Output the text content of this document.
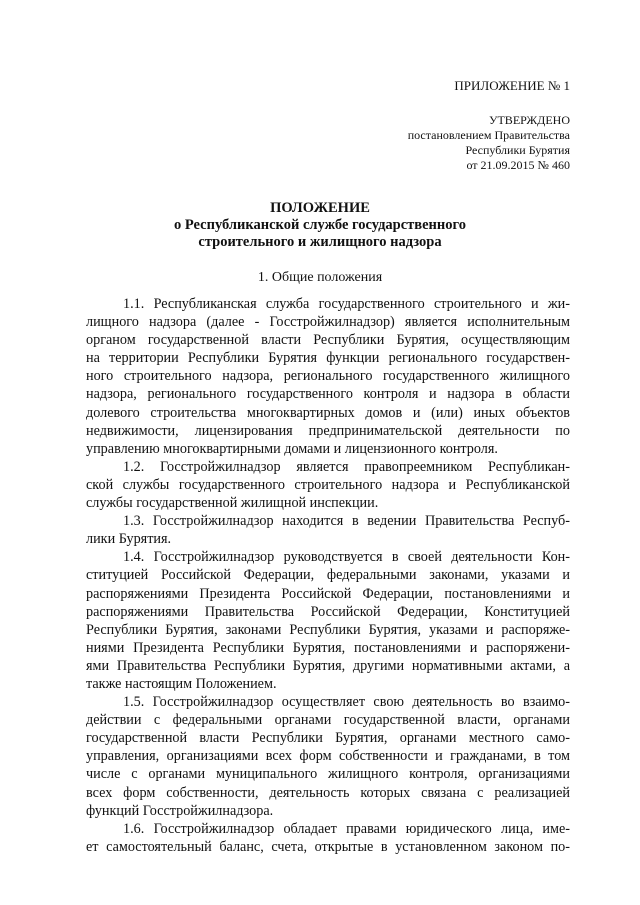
ПРИЛОЖЕНИЕ № 1
УТВЕРЖДЕНО
постановлением Правительства
Республики Бурятия
от 21.09.2015 № 460
ПОЛОЖЕНИЕ
о Республиканской службе государственного
строительного и жилищного надзора
1. Общие положения
1.1. Республиканская служба государственного строительного и жи-
лищного надзора (далее - Госстройжилнадзор) является исполнительным
органом государственной власти Республики Бурятия, осуществляющим
на территории Республики Бурятия функции регионального государствен-
ного строительного надзора, регионального государственного жилищного
надзора, регионального государственного контроля и надзора в области
долевого строительства многоквартирных домов и (или) иных объектов
недвижимости, лицензирования предпринимательской деятельности по
управлению многоквартирными домами и лицензионного контроля.
1.2. Госстройжилнадзор является правопреемником Республикан-
ской службы государственного строительного надзора и Республиканской
службы государственной жилищной инспекции.
1.3. Госстройжилнадзор находится в ведении Правительства Респуб-
лики Бурятия.
1.4. Госстройжилнадзор руководствуется в своей деятельности Кон-
ституцией Российской Федерации, федеральными законами, указами и
распоряжениями Президента Российской Федерации, постановлениями и
распоряжениями Правительства Российской Федерации, Конституцией
Республики Бурятия, законами Республики Бурятия, указами и распоряже-
ниями Президента Республики Бурятия, постановлениями и распоряжени-
ями Правительства Республики Бурятия, другими нормативными актами, а
также настоящим Положением.
1.5. Госстройжилнадзор осуществляет свою деятельность во взаимо-
действии с федеральными органами государственной власти, органами
государственной власти Республики Бурятия, органами местного само-
управления, организациями всех форм собственности и гражданами, в том
числе с органами муниципального жилищного контроля, организациями
всех форм собственности, деятельность которых связана с реализацией
функций Госстройжилнадзора.
1.6. Госстройжилнадзор обладает правами юридического лица, име-
ет самостоятельный баланс, счета, открытые в установленном законом по-
